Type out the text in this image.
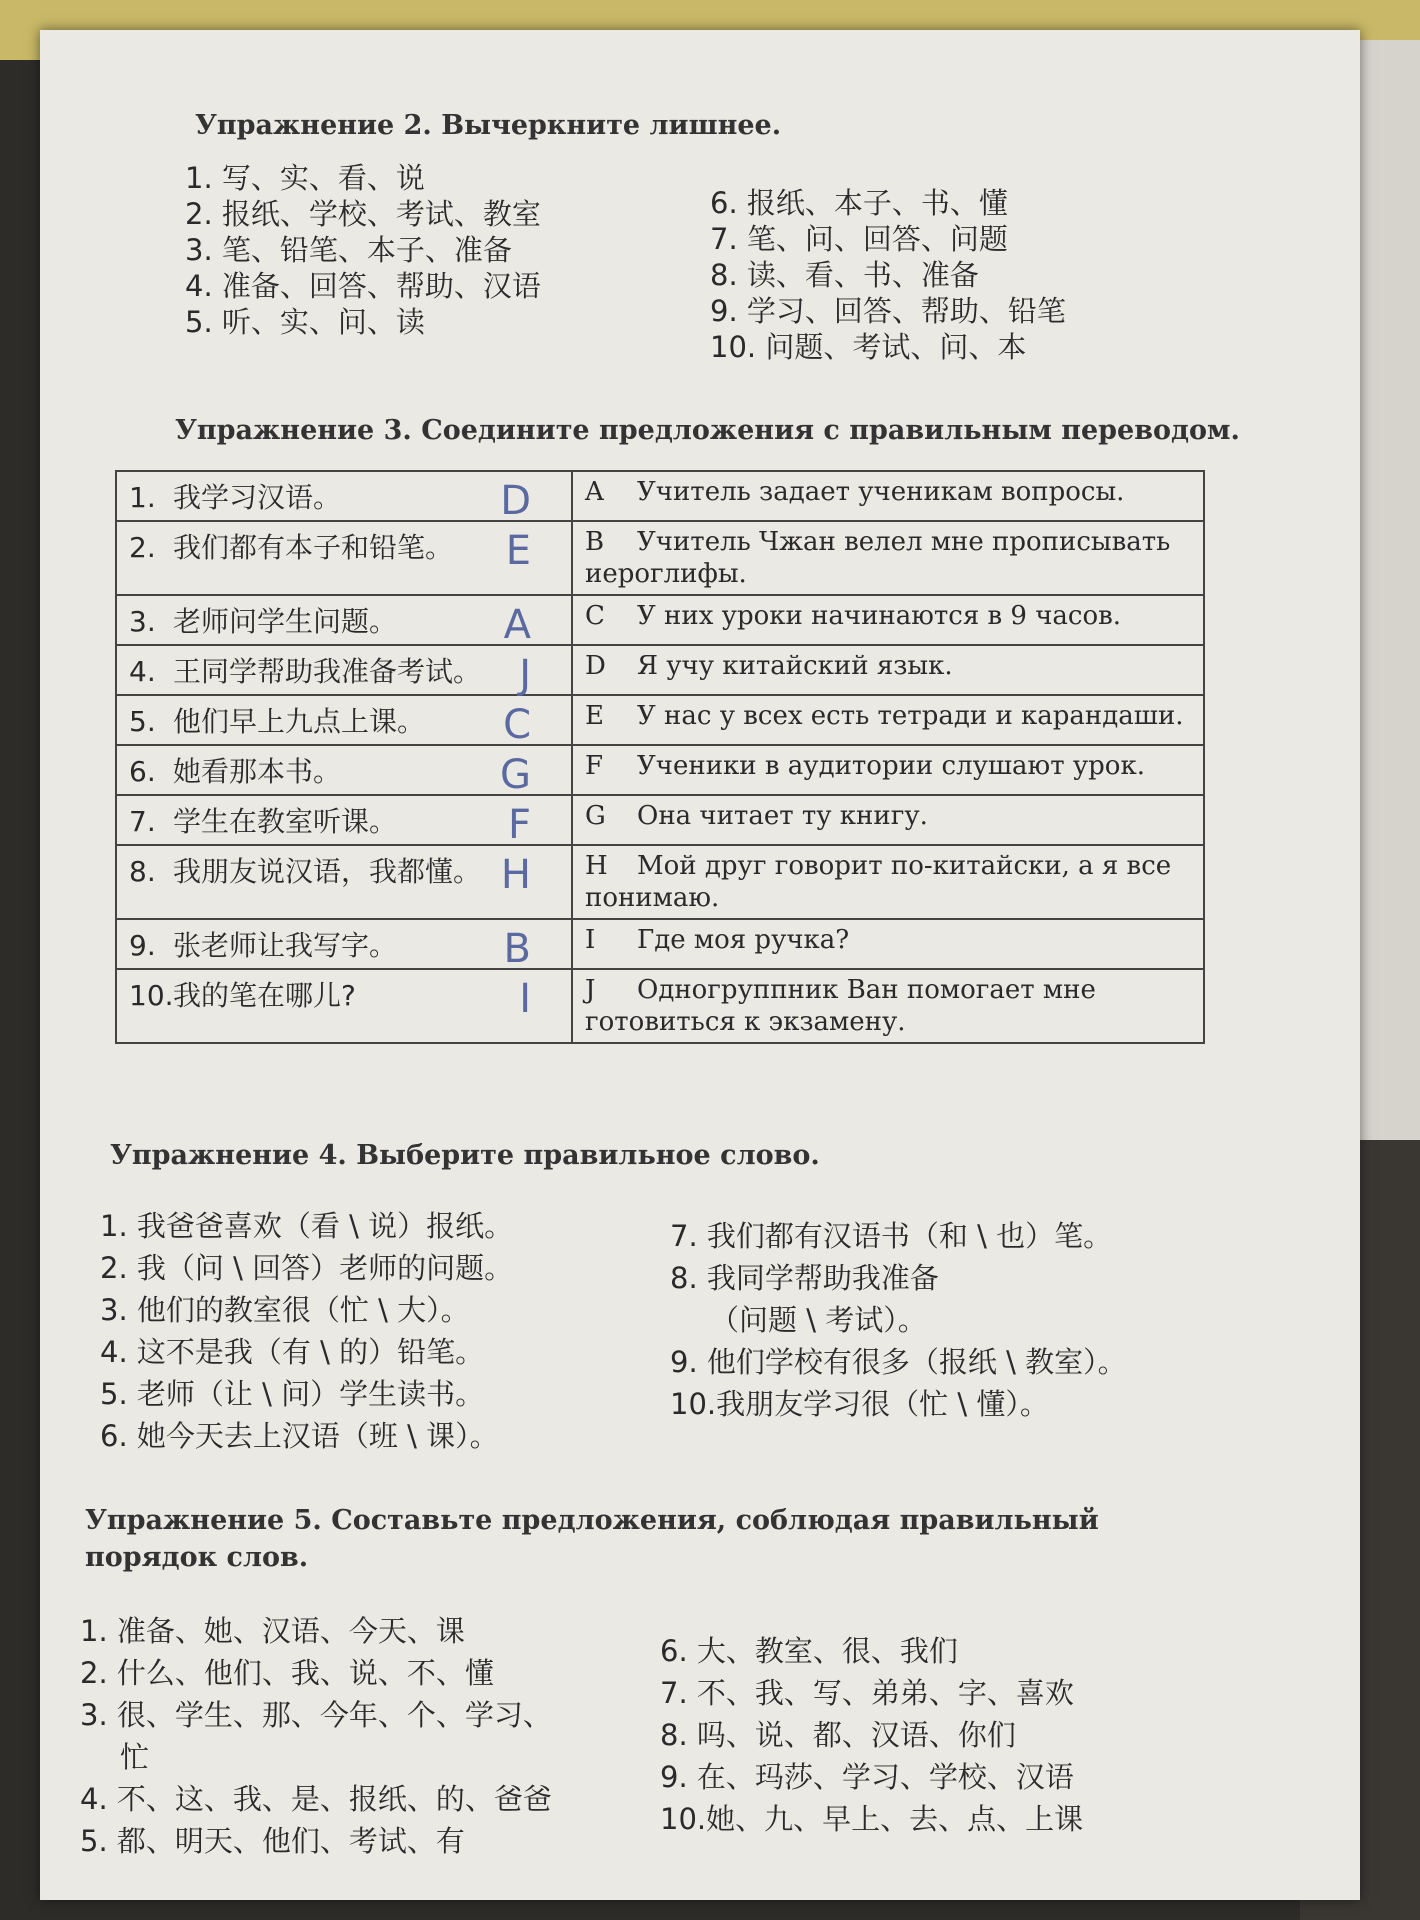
Упражнение 2. Вычеркните лишнее.
1. 写、实、看、说
2. 报纸、学校、考试、教室
3. 笔、铅笔、本子、准备
4. 准备、回答、帮助、汉语
5. 听、实、问、读
6. 报纸、本子、书、懂
7. 笔、问、回答、问题
8. 读、看、书、准备
9. 学习、回答、帮助、铅笔
10. 问题、考试、问、本
Упражнение 3. Соедините предложения с правильным переводом.
1. 我学习汉语。 D	A Учитель задает ученикам вопросы.
2. 我们都有本子和铅笔。 E	B Учитель Чжан велел мне прописывать иероглифы.
3. 老师问学生问题。 A	C У них уроки начинаются в 9 часов.
4. 王同学帮助我准备考试。 J	D Я учу китайский язык.
5. 他们早上九点上课。 C	E У нас у всех есть тетради и карандаши.
6. 她看那本书。 G	F Ученики в аудитории слушают урок.
7. 学生在教室听课。 F	G Она читает ту книгу.
8. 我朋友说汉语，我都懂。 H	H Мой друг говорит по-китайски, а я все понимаю.
9. 张老师让我写字。 B	I Где моя ручка?
10.我的笔在哪儿? I	J Одногруппник Ван помогает мне готовиться к экзамену.
Упражнение 4. Выберите правильное слово.
1. 我爸爸喜欢（看 \ 说）报纸。
2. 我（问 \ 回答）老师的问题。
3. 他们的教室很（忙 \ 大）。
4. 这不是我（有 \ 的）铅笔。
5. 老师（让 \ 问）学生读书。
6. 她今天去上汉语（班 \ 课）。
7. 我们都有汉语书（和 \ 也）笔。
8. 我同学帮助我准备
（问题 \ 考试）。
9. 他们学校有很多（报纸 \ 教室）。
10.我朋友学习很（忙 \ 懂）。
Упражнение 5. Составьте предложения, соблюдая правильный
порядок слов.
1. 准备、她、汉语、今天、课
2. 什么、他们、我、说、不、懂
3. 很、学生、那、今年、个、学习、
忙
4. 不、这、我、是、报纸、的、爸爸
5. 都、明天、他们、考试、有
6. 大、教室、很、我们
7. 不、我、写、弟弟、字、喜欢
8. 吗、说、都、汉语、你们
9. 在、玛莎、学习、学校、汉语
10.她、九、早上、去、点、上课
